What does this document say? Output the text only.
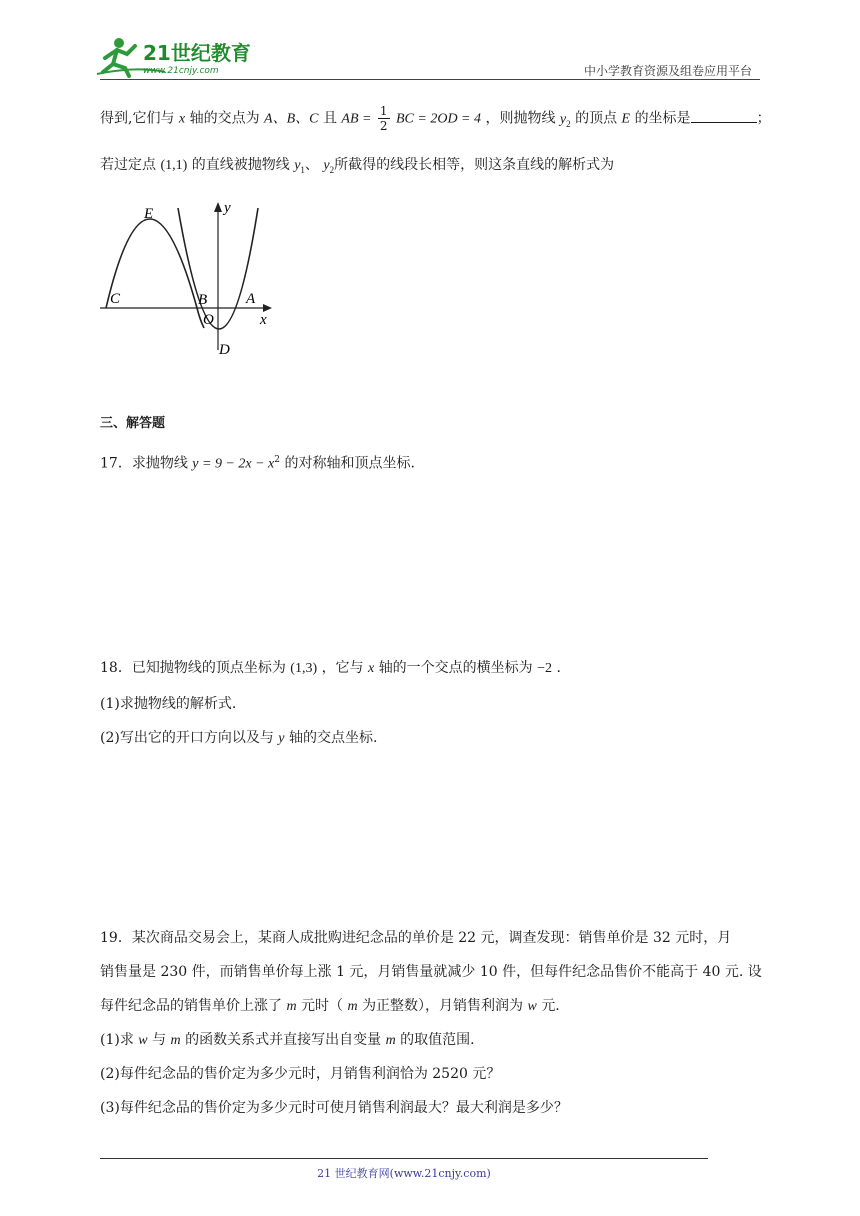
21世纪教育
www.21cnjy.com	中小学教育资源及组卷应用平台
得到,它们与 x 轴的交点为 A、B、C 且 AB = $\frac{1}{2}$ BC = 2OD = 4 ，则抛物线 $y_2$ 的顶点 E 的坐标是	；
若过定点 (1,1) 的直线被抛物线 $y_1$、 $y_2$所截得的线段长相等，则这条直线的解析式为
E
C	B
O
A
D
y
x
三、解答题
17．求抛物线 $y = 9 - 2x - x^2$ 的对称轴和顶点坐标.
18．已知抛物线的顶点坐标为 (1,3) ，它与 x 轴的一个交点的横坐标为 −2 .
(1)求抛物线的解析式.
(2)写出它的开口方向以及与 y 轴的交点坐标.
19．某次商品交易会上，某商人成批购进纪念品的单价是 22 元，调查发现：销售单价是 32 元时，月
销售量是 230 件，而销售单价每上涨 1 元，月销售量就减少 10 件，但每件纪念品售价不能高于 40 元. 设
每件纪念品的销售单价上涨了 m 元时（ m 为正整数），月销售利润为 w 元.
(1)求 w 与 m 的函数关系式并直接写出自变量 m 的取值范围.
(2)每件纪念品的售价定为多少元时，月销售利润恰为 2520 元？
(3)每件纪念品的售价定为多少元时可使月销售利润最大？最大利润是多少？
21 世纪教育网(www.21cnjy.com)
